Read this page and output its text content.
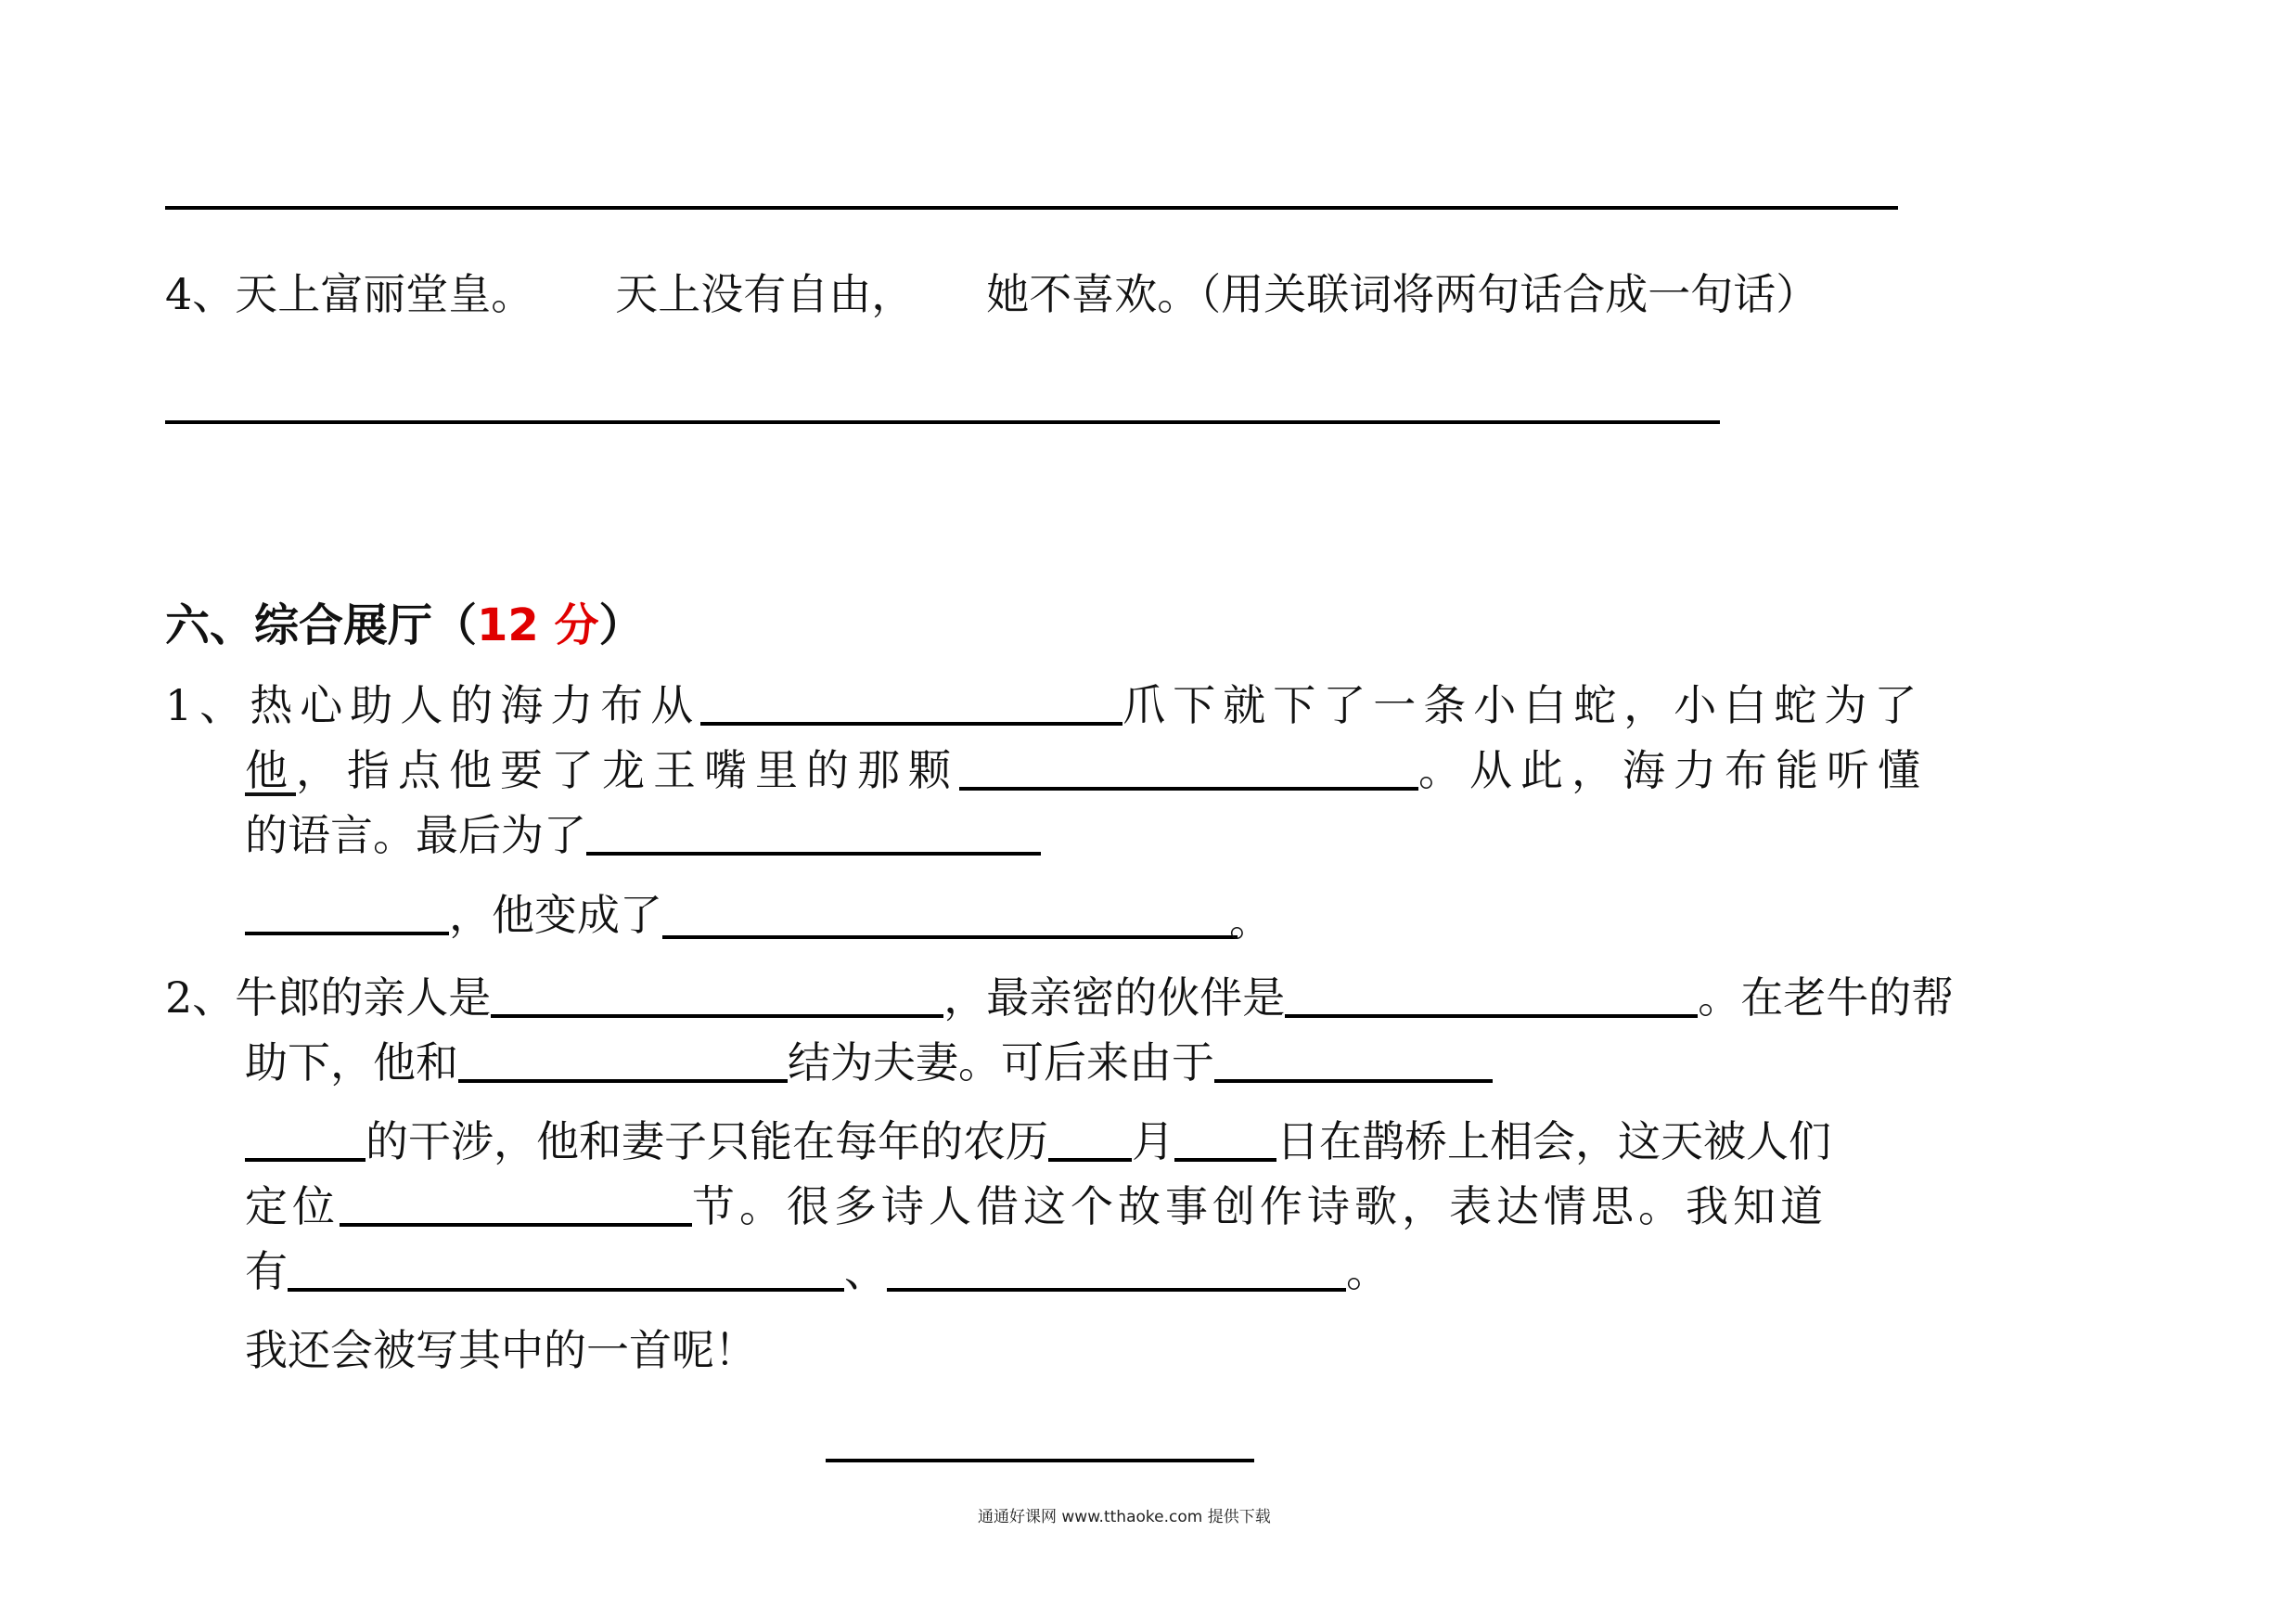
4、天上富丽堂皇。 天上没有自由， 她不喜欢。（用关联词将两句话合成一句话）
六、综合展厅（12 分）
1、热心助人的海力布从	爪下就下了一条小白蛇，小白蛇为了
他，指点他要了龙王嘴里的那颗	。从此，海力布能听懂
的语言。最后为了
，他变成了	。
2、牛郎的亲人是	，最亲密的伙伴是	。在老牛的帮
助下，他和	结为夫妻。可后来由于
的干涉，他和妻子只能在每年的农历 月 日在鹊桥上相会，这天被人们
定位	节。很多诗人借这个故事创作诗歌，表达情思。我知道
有	、	。
我还会被写其中的一首呢！
通通好课网 www.tthaoke.com 提供下载
